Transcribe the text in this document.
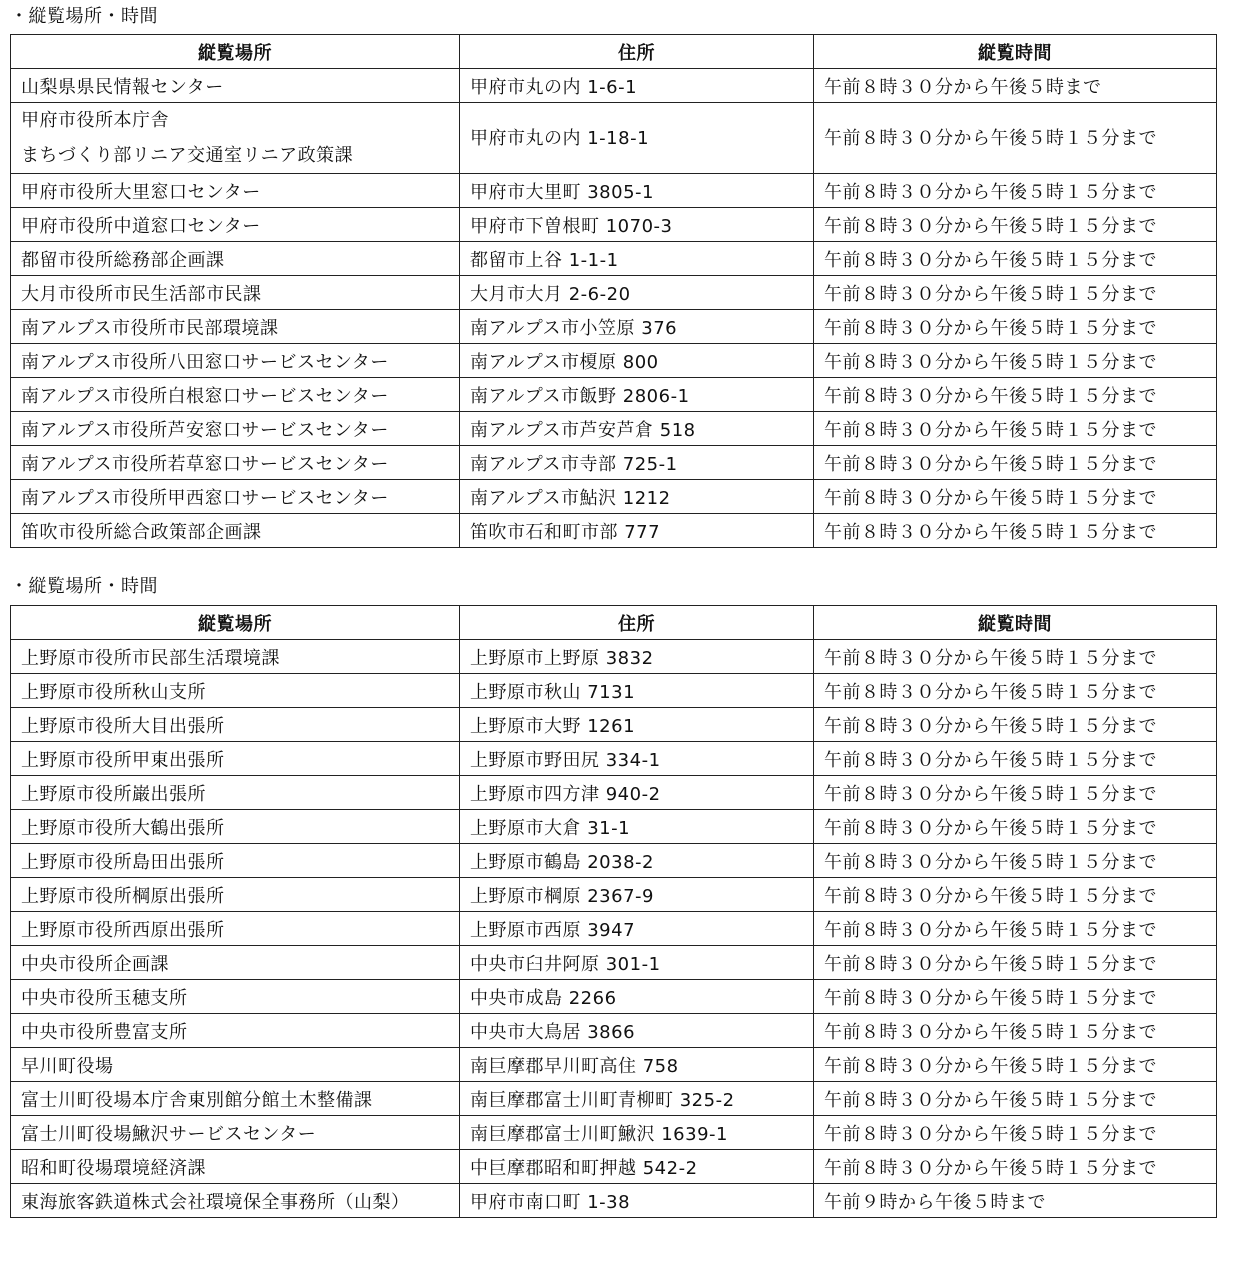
・縦覧場所・時間
縦覧場所	住所	縦覧時間
山梨県県民情報センター	甲府市丸の内 1-6-1	午前８時３０分から午後５時まで

甲府市役所本庁舎
まちづくり部リニア交通室リニア政策課	甲府市丸の内 1-18-1	午前８時３０分から午後５時１５分まで
甲府市役所大里窓口センター	甲府市大里町 3805-1	午前８時３０分から午後５時１５分まで
甲府市役所中道窓口センター	甲府市下曽根町 1070-3	午前８時３０分から午後５時１５分まで
都留市役所総務部企画課	都留市上谷 1-1-1	午前８時３０分から午後５時１５分まで
大月市役所市民生活部市民課	大月市大月 2-6-20	午前８時３０分から午後５時１５分まで
南アルプス市役所市民部環境課	南アルプス市小笠原 376	午前８時３０分から午後５時１５分まで
南アルプス市役所八田窓口サービスセンター	南アルプス市榎原 800	午前８時３０分から午後５時１５分まで
南アルプス市役所白根窓口サービスセンター	南アルプス市飯野 2806-1	午前８時３０分から午後５時１５分まで
南アルプス市役所芦安窓口サービスセンター	南アルプス市芦安芦倉 518	午前８時３０分から午後５時１５分まで
南アルプス市役所若草窓口サービスセンター	南アルプス市寺部 725-1	午前８時３０分から午後５時１５分まで
南アルプス市役所甲西窓口サービスセンター	南アルプス市鮎沢 1212	午前８時３０分から午後５時１５分まで
笛吹市役所総合政策部企画課	笛吹市石和町市部 777	午前８時３０分から午後５時１５分まで
・縦覧場所・時間
縦覧場所	住所	縦覧時間
上野原市役所市民部生活環境課	上野原市上野原 3832	午前８時３０分から午後５時１５分まで
上野原市役所秋山支所	上野原市秋山 7131	午前８時３０分から午後５時１５分まで
上野原市役所大目出張所	上野原市大野 1261	午前８時３０分から午後５時１５分まで
上野原市役所甲東出張所	上野原市野田尻 334-1	午前８時３０分から午後５時１５分まで
上野原市役所巌出張所	上野原市四方津 940-2	午前８時３０分から午後５時１５分まで
上野原市役所大鶴出張所	上野原市大倉 31-1	午前８時３０分から午後５時１５分まで
上野原市役所島田出張所	上野原市鶴島 2038-2	午前８時３０分から午後５時１５分まで
上野原市役所棡原出張所	上野原市棡原 2367-9	午前８時３０分から午後５時１５分まで
上野原市役所西原出張所	上野原市西原 3947	午前８時３０分から午後５時１５分まで
中央市役所企画課	中央市臼井阿原 301-1	午前８時３０分から午後５時１５分まで
中央市役所玉穂支所	中央市成島 2266	午前８時３０分から午後５時１５分まで
中央市役所豊富支所	中央市大鳥居 3866	午前８時３０分から午後５時１５分まで
早川町役場	南巨摩郡早川町高住 758	午前８時３０分から午後５時１５分まで
富士川町役場本庁舎東別館分館土木整備課	南巨摩郡富士川町青柳町 325-2	午前８時３０分から午後５時１５分まで
富士川町役場鰍沢サービスセンター	南巨摩郡富士川町鰍沢 1639-1	午前８時３０分から午後５時１５分まで
昭和町役場環境経済課	中巨摩郡昭和町押越 542-2	午前８時３０分から午後５時１５分まで
東海旅客鉄道株式会社環境保全事務所（山梨）	甲府市南口町 1-38	午前９時から午後５時まで
